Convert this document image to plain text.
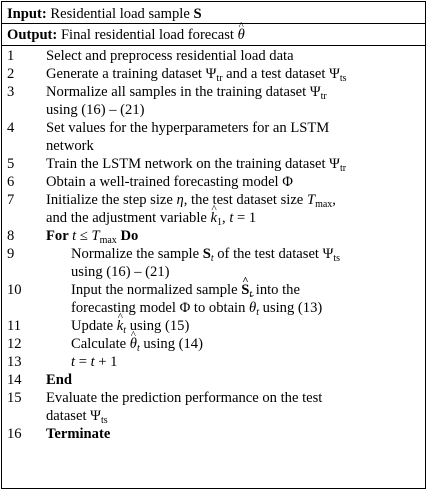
Input: Residential load sample S
Output: Final residential load forecast ^ θ
1 Select and preprocess residential load data
2 Generate a training dataset $\Psi_{tr}$ and a test dataset $\Psi_{ts}$
3 Normalize all samples in the training dataset $\Psi_{tr}$
using (16) – (21)
4 Set values for the hyperparameters for an LSTM
network
5 Train the LSTM network on the training dataset $\Psi_{tr}$
6 Obtain a well-trained forecasting model Φ
7 Initialize the step size η, the test dataset size $T_{max}$,
and the adjustment variable ^ $k_1$, t = 1
8 For $t \le T_{max}$ Do
9	Normalize the sample $S_t$ of the test dataset $\Psi_{ts}$
using (16) – (21)
10	Input the normalized sample ^ $S_t$ into the
forecasting model Φ to obtain ˘ $\theta_t$ using (13)
11	Update ^ $k_t$ using (15)
12	Calculate ^ $\theta_t$ using (14)
13	t = t + 1
14 End
15 Evaluate the prediction performance on the test
dataset $\Psi_{ts}$
16 Terminate
